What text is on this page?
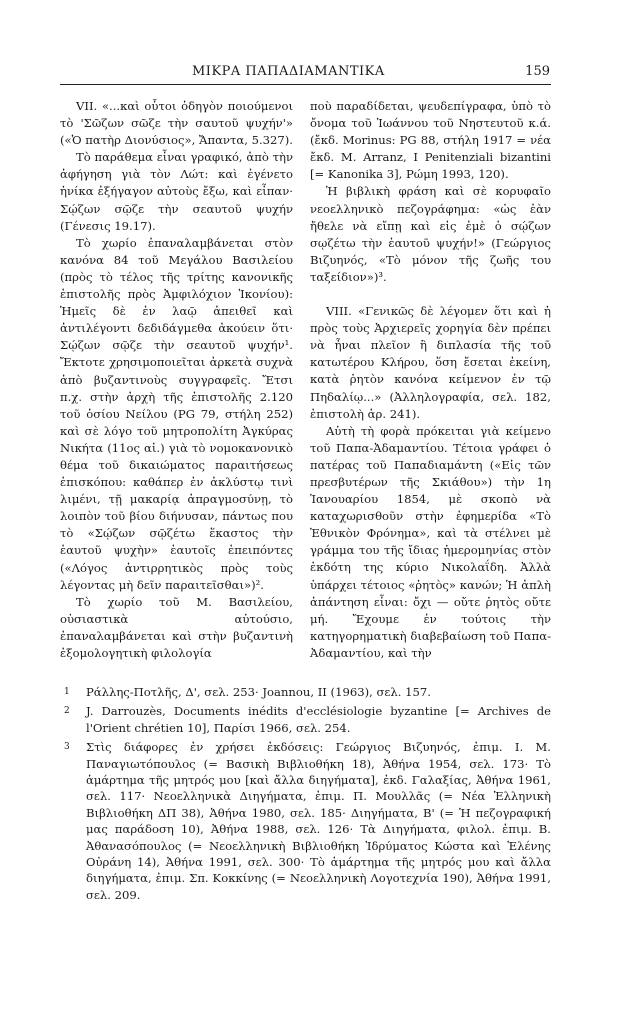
ΜΙΚΡΑ ΠΑΠΑΔΙΑΜΑΝΤΙΚΑ	159

VII. «...καὶ οὗτοι ὁδηγὸν ποιούμενοι τὸ 'Σῶζων σῶζε τὴν σαυτοῦ ψυχήν'» («Ὁ πατὴρ Διονύσιος», Ἄπαντα, 5.327).

Τὸ παράθεμα εἶναι γραφικό, ἀπὸ τὴν ἀφήγηση γιὰ τὸν Λώτ: καὶ ἐγένετο ἡνίκα ἐξήγαγον αὐτοὺς ἔξω, καὶ εἶπαν· Σῴζων σῷζε τὴν σεαυτοῦ ψυχήν (Γένεσις 19.17).

Τὸ χωρίο ἐπαναλαμβάνεται στὸν κανόνα 84 τοῦ Μεγάλου Βασιλείου (πρὸς τὸ τέλος τῆς τρίτης κανονικῆς ἐπιστολῆς πρὸς Ἀμφιλόχιον Ἰκονίου): Ἡμεῖς δὲ ἐν λαῷ ἀπειθεῖ καὶ ἀντιλέγοντι δεδιδάγμεθα ἀκούειν ὅτι· Σῴζων σῷζε τὴν σεαυτοῦ ψυχήν¹. Ἔκτοτε χρησιμοποιεῖται ἀρκετὰ συχνὰ ἀπὸ βυζαντινοὺς συγγραφεῖς. Ἔτσι π.χ. στὴν ἀρχὴ τῆς ἐπιστολῆς 2.120 τοῦ ὁσίου Νείλου (PG 79, στήλη 252) καὶ σὲ λόγο τοῦ μητροπολίτη Ἀγκύρας Νικήτα (11ος αἰ.) γιὰ τὸ νομοκανονικὸ θέμα τοῦ δικαιώματος παραιτήσεως ἐπισκόπου: καθάπερ ἐν ἀκλύστῳ τινὶ λιμένι, τῇ μακαρίᾳ ἀπραγμοσύνῃ, τὸ λοιπὸν τοῦ βίου διήνυσαν, πάντως που τὸ «Σῴζων σῷζέτω ἕκαστος τὴν ἑαυτοῦ ψυχὴν» ἑαυτοῖς ἐπειπόντες («Λόγος ἀντιρρητικὸς πρὸς τοὺς λέγοντας μὴ δεῖν παραιτεῖσθαι»)².

Τὸ χωρίο τοῦ Μ. Βασιλείου, οὐσιαστικὰ αὐτούσιο, ἐπαναλαμβάνεται καὶ στὴν βυζαντινὴ ἐξομολογητικὴ φιλολογία

ποὺ παραδίδεται, ψευδεπίγραφα, ὑπὸ τὸ ὄνομα τοῦ Ἰωάννου τοῦ Νηστευτοῦ κ.ά. (ἔκδ. Morinus: PG 88, στήλη 1917 = νέα ἔκδ. M. Arranz, I Penitenziali bizantini [= Kanonika 3], Ρώμη 1993, 120).

Ἡ βιβλικὴ φράση καὶ σὲ κορυφαῖο νεοελληνικὸ πεζογράφημα: «ὡς ἐὰν ἤθελε νὰ εἴπῃ καὶ εἰς ἐμὲ ὁ σῴζων σῳζέτω τὴν ἑαυτοῦ ψυχήν!» (Γεώργιος Βιζυηνός, «Τὸ μόνον τῆς ζωῆς του ταξείδιον»)³.

VIII. «Γενικῶς δὲ λέγομεν ὅτι καὶ ἡ πρὸς τοὺς Ἀρχιερεῖς χορηγία δὲν πρέπει νὰ ἦναι πλεῖον ἢ διπλασία τῆς τοῦ κατωτέρου Κλήρου, ὅση ἔσεται ἐκείνη, κατὰ ῥητὸν κανόνα κείμενον ἐν τῷ Πηδαλίῳ...» (Ἀλληλογραφία, σελ. 182, ἐπιστολὴ ἀρ. 241).

Αὐτὴ τὴ φορὰ πρόκειται γιὰ κείμενο τοῦ Παπα-Ἀδαμαντίου. Τέτοια γράφει ὁ πατέρας τοῦ Παπαδιαμάντη («Εἰς τῶν πρεσβυτέρων τῆς Σκιάθου») τὴν 1η Ἰανουαρίου 1854, μὲ σκοπὸ νὰ καταχωρισθοῦν στὴν ἐφημερίδα «Τὸ Ἐθνικὸν Φρόνημα», καὶ τὰ στέλνει μὲ γράμμα του τῆς ἴδιας ἡμερομηνίας στὸν ἐκδότη της κύριο Νικολαΐδη. Ἀλλὰ ὑπάρχει τέτοιος «ῥητὸς» κανών; Ἡ ἁπλὴ ἀπάντηση εἶναι: ὄχι — οὔτε ῥητὸς οὔτε μή. Ἔχουμε ἐν τούτοις τὴν κατηγορηματικὴ διαβεβαίωση τοῦ Παπα-Ἀδαμαντίου, καὶ τὴν

1 Ράλλης-Ποτλῆς, Δ', σελ. 253· Joannou, II (1963), σελ. 157.
2 J. Darrouzès, Documents inédits d'ecclésiologie byzantine [= Archives de l'Orient chrétien 10], Παρίσι 1966, σελ. 254.
3 Στὶς διάφορες ἐν χρήσει ἐκδόσεις: Γεώργιος Βιζυηνός, ἐπιμ. Ι. Μ. Παναγιωτόπουλος (= Βασικὴ Βιβλιοθήκη 18), Ἀθήνα 1954, σελ. 173· Τὸ ἁμάρτημα τῆς μητρός μου [καὶ ἄλλα διηγήματα], ἐκδ. Γαλαξίας, Ἀθήνα 1961, σελ. 117· Νεοελληνικὰ Διηγήματα, ἐπιμ. Π. Μουλλᾶς (= Νέα Ἑλληνικὴ Βιβλιοθήκη ΔΠ 38), Ἀθήνα 1980, σελ. 185· Διηγήματα, Β' (= Ἡ πεζογραφική μας παράδοση 10), Ἀθήνα 1988, σελ. 126· Τὰ Διηγήματα, φιλολ. ἐπιμ. Β. Ἀθανασόπουλος (= Νεοελληνικὴ Βιβλιοθήκη Ἱδρύματος Κώστα καὶ Ἑλένης Οὐράνη 14), Ἀθήνα 1991, σελ. 300· Τὸ ἁμάρτημα τῆς μητρός μου καὶ ἄλλα διηγήματα, ἐπιμ. Σπ. Κοκκίνης (= Νεοελληνικὴ Λογοτεχνία 190), Ἀθήνα 1991, σελ. 209.
